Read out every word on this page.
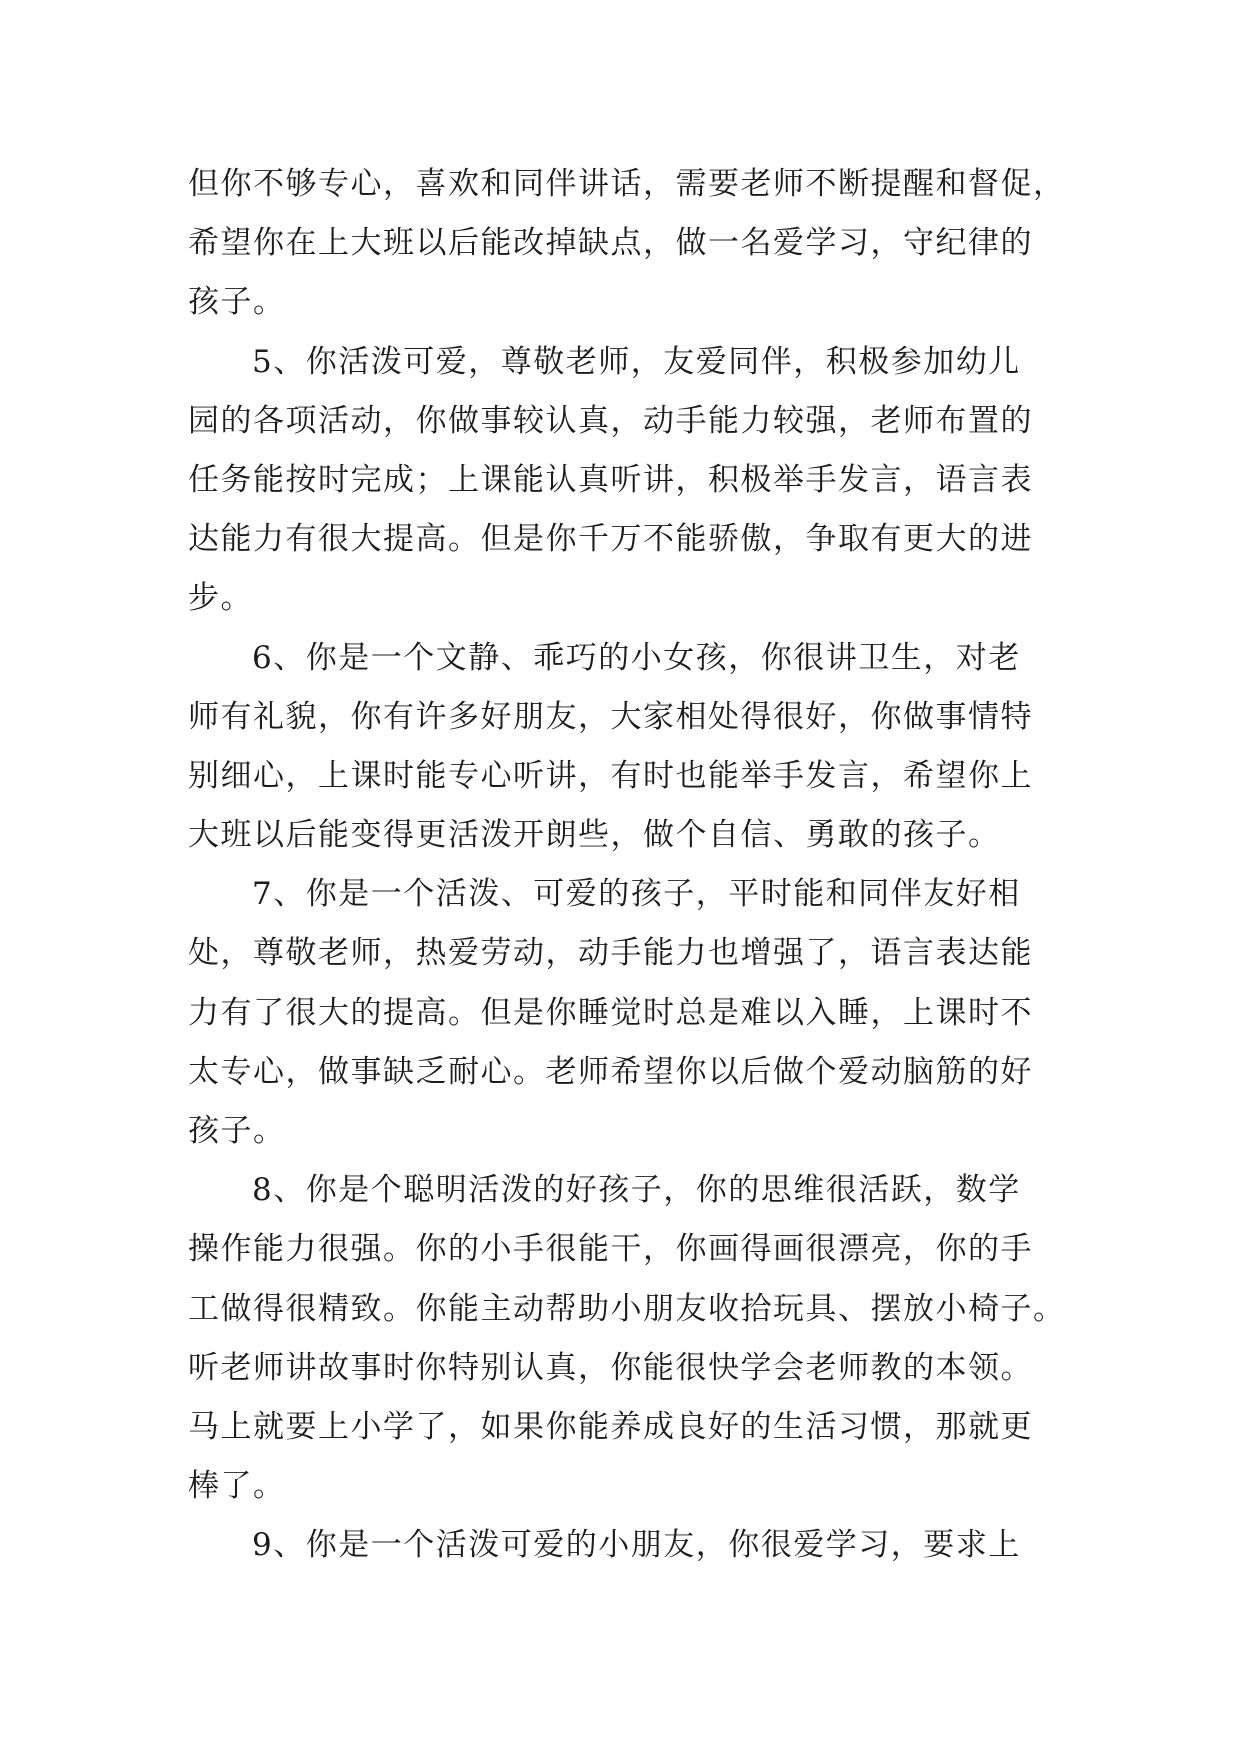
但你不够专心，喜欢和同伴讲话，需要老师不断提醒和督促，
希望你在上大班以后能改掉缺点，做一名爱学习，守纪律的
孩子。
5、你活泼可爱，尊敬老师，友爱同伴，积极参加幼儿
园的各项活动，你做事较认真，动手能力较强，老师布置的
任务能按时完成；上课能认真听讲，积极举手发言，语言表
达能力有很大提高。但是你千万不能骄傲，争取有更大的进
步。
6、你是一个文静、乖巧的小女孩，你很讲卫生，对老
师有礼貌，你有许多好朋友，大家相处得很好，你做事情特
别细心，上课时能专心听讲，有时也能举手发言，希望你上
大班以后能变得更活泼开朗些，做个自信、勇敢的孩子。
7、你是一个活泼、可爱的孩子，平时能和同伴友好相
处，尊敬老师，热爱劳动，动手能力也增强了，语言表达能
力有了很大的提高。但是你睡觉时总是难以入睡，上课时不
太专心，做事缺乏耐心。老师希望你以后做个爱动脑筋的好
孩子。
8、你是个聪明活泼的好孩子，你的思维很活跃，数学
操作能力很强。你的小手很能干，你画得画很漂亮，你的手
工做得很精致。你能主动帮助小朋友收拾玩具、摆放小椅子。
听老师讲故事时你特别认真，你能很快学会老师教的本领。
马上就要上小学了，如果你能养成良好的生活习惯，那就更
棒了。
9、你是一个活泼可爱的小朋友，你很爱学习，要求上
